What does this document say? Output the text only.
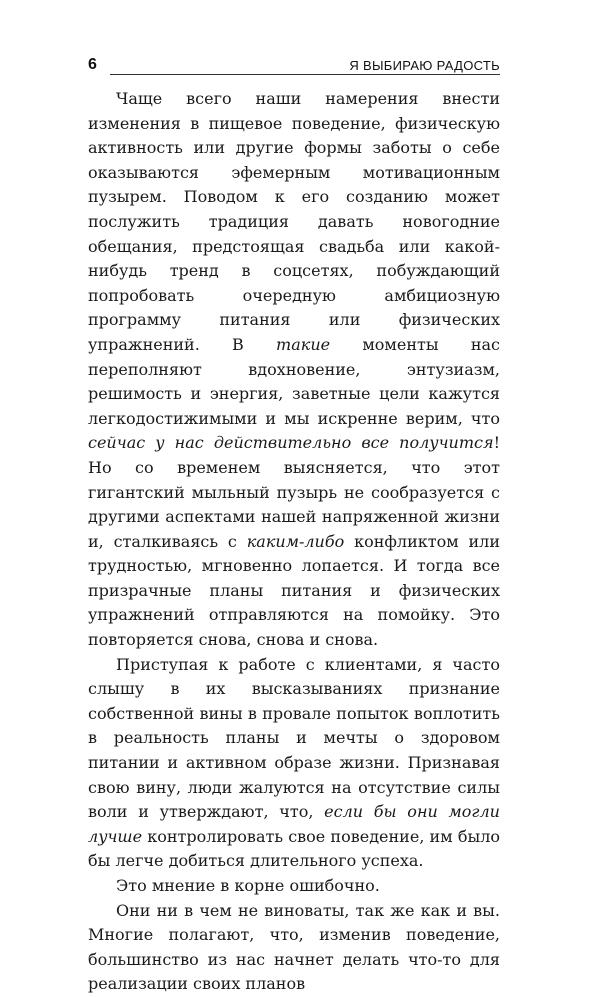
6	Я ВЫБИРАЮ РАДОСТЬ

Чаще всего наши намерения внести изменения в пищевое поведение, физическую активность или другие формы заботы о себе оказываются эфемерным мотивационным пузырем. Поводом к его созданию может послужить традиция давать новогодние обещания, предстоящая свадьба или какой-нибудь тренд в соцсетях, побуждающий попробовать очередную амбициозную программу питания или физических упражнений. В такие моменты нас переполняют вдохновение, энтузиазм, решимость и энергия, заветные цели кажутся легкодостижимыми и мы искренне верим, что сейчас у нас действительно все получится! Но со временем выясняется, что этот гигантский мыльный пузырь не сообразуется с другими аспектами нашей напряженной жизни и, сталкиваясь с каким-либо конфликтом или трудностью, мгновенно лопается. И тогда все призрачные планы питания и физических упражнений отправляются на помойку. Это повторяется снова, снова и снова.

Приступая к работе с клиентами, я часто слышу в их высказываниях признание собственной вины в провале попыток воплотить в реальность планы и мечты о здоровом питании и активном образе жизни. Признавая свою вину, люди жалуются на отсутствие силы воли и утверждают, что, если бы они могли лучше контролировать свое поведение, им было бы легче добиться длительного успеха.

Это мнение в корне ошибочно.

Они ни в чем не виноваты, так же как и вы. Многие полагают, что, изменив поведение, большинство из нас начнет делать что-то для реализации своих планов
